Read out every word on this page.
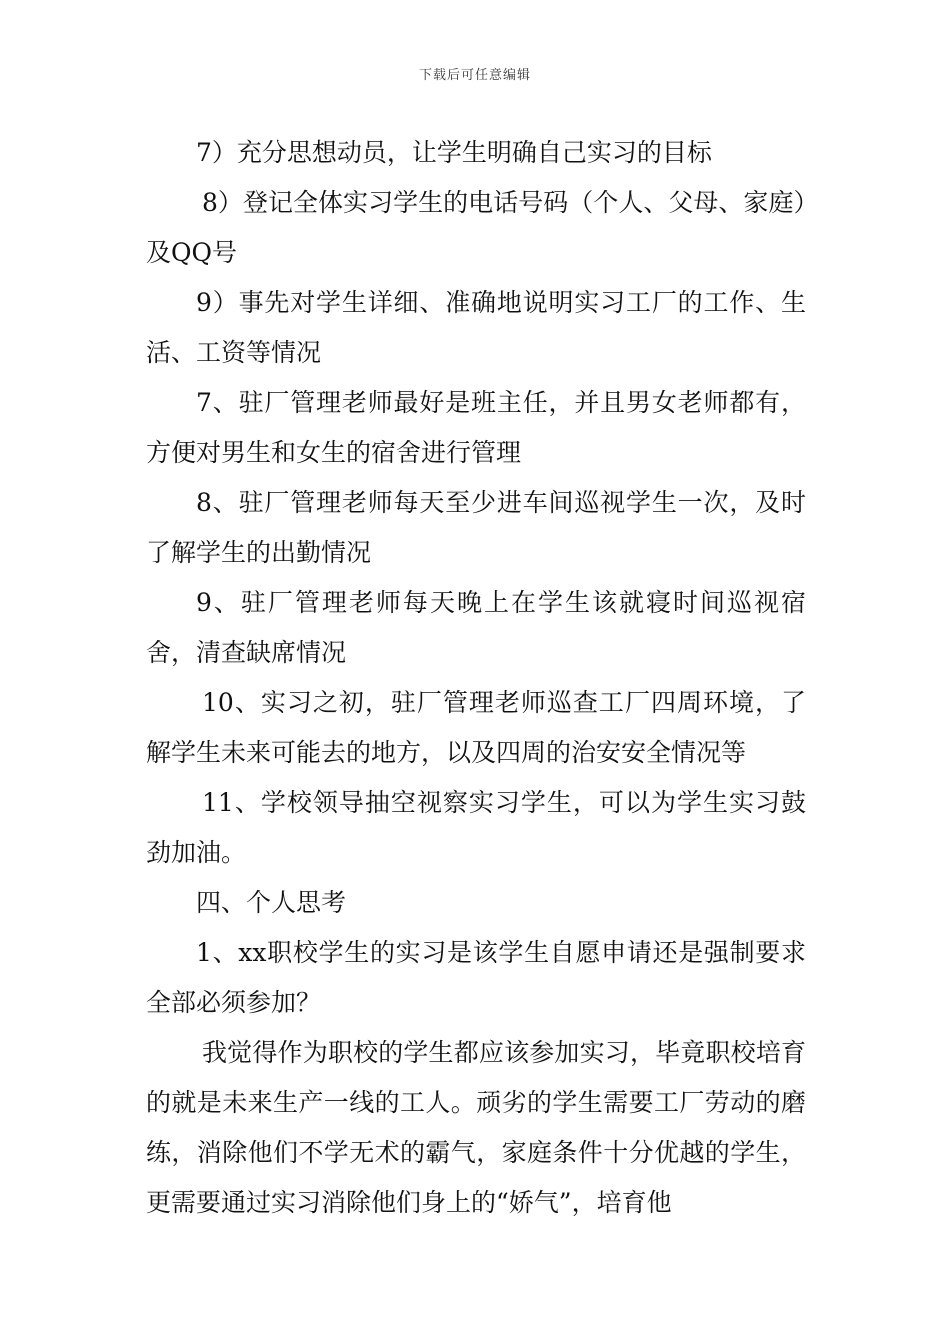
下载后可任意编辑

7）充分思想动员，让学生明确自己实习的目标

8）登记全体实习学生的电话号码（个人、父母、家庭）及QQ号

9）事先对学生详细、准确地说明实习工厂的工作、生活、工资等情况

7、驻厂管理老师最好是班主任，并且男女老师都有，方便对男生和女生的宿舍进行管理

8、驻厂管理老师每天至少进车间巡视学生一次，及时了解学生的出勤情况

9、驻厂管理老师每天晚上在学生该就寝时间巡视宿舍，清查缺席情况

10、实习之初，驻厂管理老师巡查工厂四周环境，了解学生未来可能去的地方，以及四周的治安安全情况等

11、学校领导抽空视察实习学生，可以为学生实习鼓劲加油。

四、个人思考

1、xx职校学生的实习是该学生自愿申请还是强制要求全部必须参加？

我觉得作为职校的学生都应该参加实习，毕竟职校培育的就是未来生产一线的工人。顽劣的学生需要工厂劳动的磨练，消除他们不学无术的霸气，家庭条件十分优越的学生，更需要通过实习消除他们身上的“娇气”，培育他
